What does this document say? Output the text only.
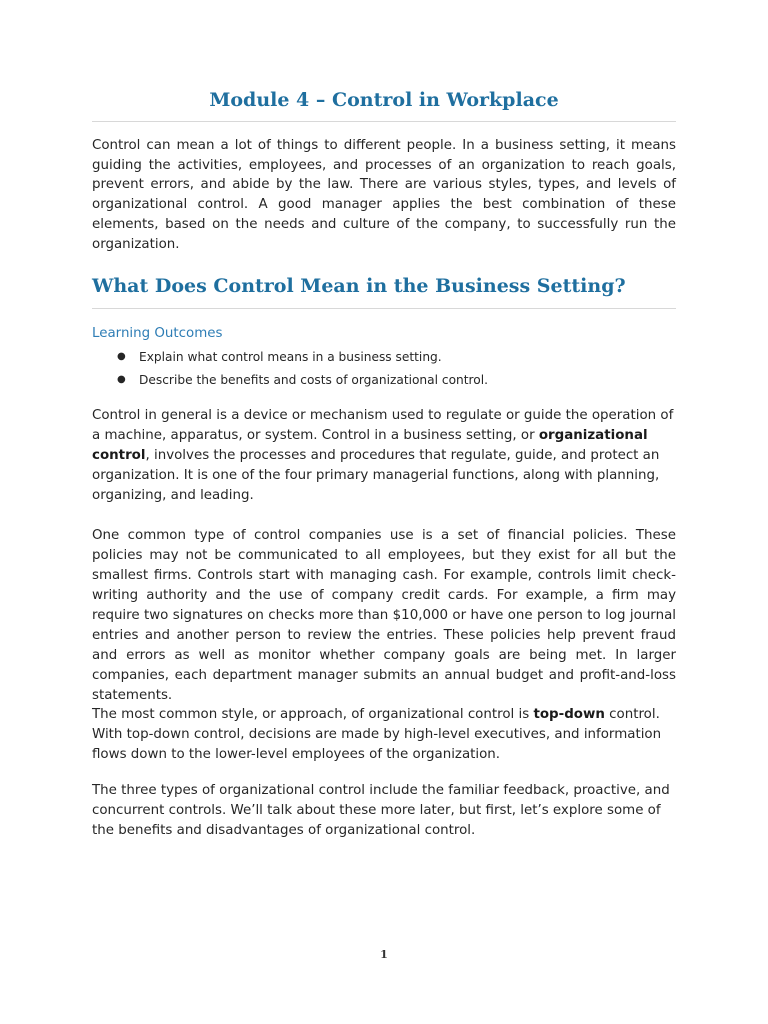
Module 4 – Control in Workplace

Control can mean a lot of things to different people. In a business setting, it means guiding the activities, employees, and processes of an organization to reach goals, prevent errors, and abide by the law. There are various styles, types, and levels of organizational control. A good manager applies the best combination of these elements, based on the needs and culture of the company, to successfully run the organization.

What Does Control Mean in the Business Setting?

Learning Outcomes

● Explain what control means in a business setting.
● Describe the benefits and costs of organizational control.

Control in general is a device or mechanism used to regulate or guide the operation of a machine, apparatus, or system. Control in a business setting, or organizational control, involves the processes and procedures that regulate, guide, and protect an organization. It is one of the four primary managerial functions, along with planning, organizing, and leading.

One common type of control companies use is a set of financial policies. These policies may not be communicated to all employees, but they exist for all but the smallest firms. Controls start with managing cash. For example, controls limit check-writing authority and the use of company credit cards. For example, a firm may require two signatures on checks more than $10,000 or have one person to log journal entries and another person to review the entries. These policies help prevent fraud and errors as well as monitor whether company goals are being met. In larger companies, each department manager submits an annual budget and profit-and-loss statements.

The most common style, or approach, of organizational control is top-down control. With top-down control, decisions are made by high-level executives, and information flows down to the lower-level employees of the organization.

The three types of organizational control include the familiar feedback, proactive, and concurrent controls. We’ll talk about these more later, but first, let’s explore some of the benefits and disadvantages of organizational control.

1
